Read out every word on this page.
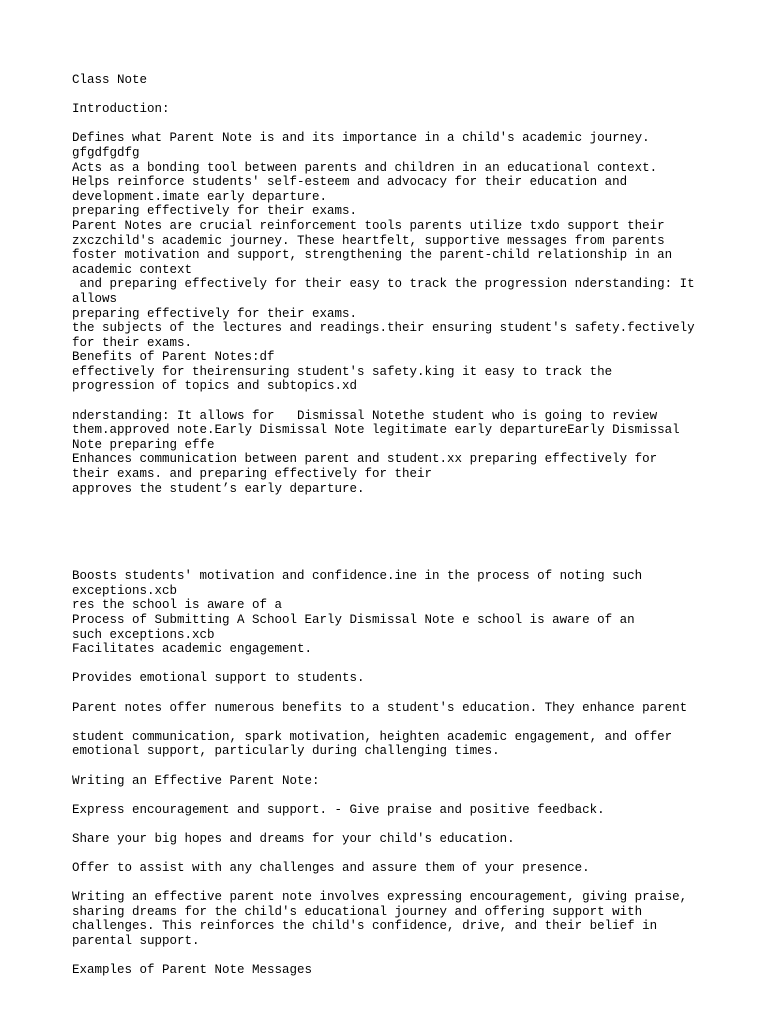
Class Note
Introduction:
Defines what Parent Note is and its importance in a child's academic journey.
gfgdfgdfg
Acts as a bonding tool between parents and children in an educational context.
Helps reinforce students' self-esteem and advocacy for their education and
development.imate early departure.
preparing effectively for their exams.
Parent Notes are crucial reinforcement tools parents utilize txdo support their
zxczchild's academic journey. These heartfelt, supportive messages from parents
foster motivation and support, strengthening the parent-child relationship in an
academic context
and preparing effectively for their easy to track the progression nderstanding: It
allows
preparing effectively for their exams.
the subjects of the lectures and readings.their ensuring student's safety.fectively
for their exams.
Benefits of Parent Notes:df
effectively for theirensuring student's safety.king it easy to track the
progression of topics and subtopics.xd
nderstanding: It allows for   Dismissal Notethe student who is going to review
them.approved note.Early Dismissal Note legitimate early departureEarly Dismissal
Note preparing effe
Enhances communication between parent and student.xx preparing effectively for
their exams. and preparing effectively for their
approves the student’s early departure.
Boosts students' motivation and confidence.ine in the process of noting such
exceptions.xcb
res the school is aware of a
Process of Submitting A School Early Dismissal Note e school is aware of an
such exceptions.xcb
Facilitates academic engagement.
Provides emotional support to students.
Parent notes offer numerous benefits to a student's education. They enhance parent
student communication, spark motivation, heighten academic engagement, and offer
emotional support, particularly during challenging times.
Writing an Effective Parent Note:
Express encouragement and support. - Give praise and positive feedback.
Share your big hopes and dreams for your child's education.
Offer to assist with any challenges and assure them of your presence.
Writing an effective parent note involves expressing encouragement, giving praise,
sharing dreams for the child's educational journey and offering support with
challenges. This reinforces the child's confidence, drive, and their belief in
parental support.
Examples of Parent Note Messages
